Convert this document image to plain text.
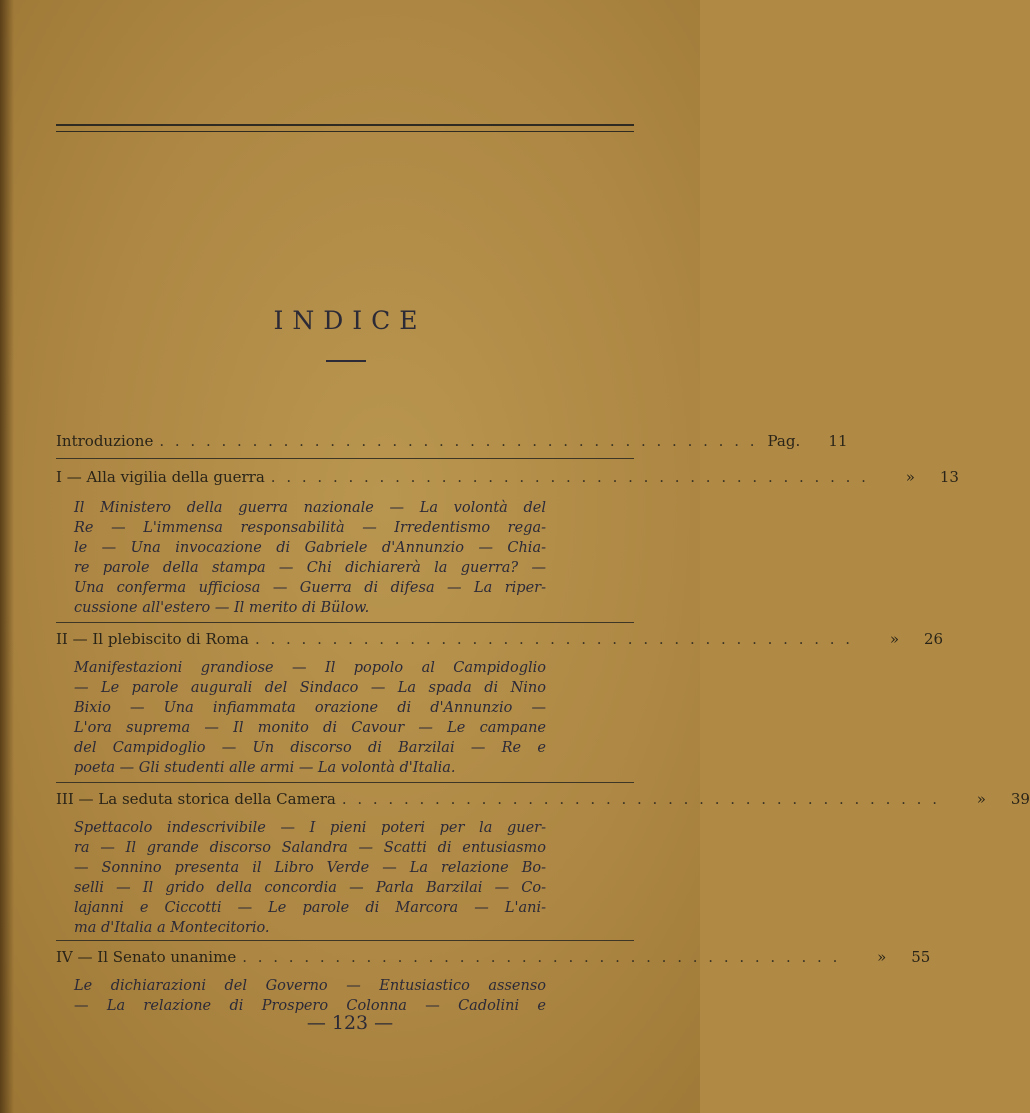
INDICE
Introduzione . . . . . . . . . . . . . . . . . . . . . . . . . . . . . . . . . . . . . . . Pag.	11
I — Alla vigilia della guerra . . . . . . . . . . . . . . . . . . . . . . . . . . . . . . . . . . . . . . .	»	13
Il Ministero della guerra nazionale — La volontà del
Re — L'immensa responsabilità — Irredentismo rega-
le — Una invocazione di Gabriele d'Annunzio — Chia-
re parole della stampa — Chi dichiarerà la guerra? —
Una conferma ufficiosa — Guerra di difesa — La riper-
cussione all'estero — Il merito di Bülow.
II — Il plebiscito di Roma . . . . . . . . . . . . . . . . . . . . . . . . . . . . . . . . . . . . . . .	»	26
Manifestazioni grandiose — Il popolo al Campidoglio
— Le parole augurali del Sindaco — La spada di Nino
Bixio — Una infiammata orazione di d'Annunzio —
L'ora suprema — Il monito di Cavour — Le campane
del Campidoglio — Un discorso di Barzilai — Re e
poeta — Gli studenti alle armi — La volontà d'Italia.
III — La seduta storica della Camera . . . . . . . . . . . . . . . . . . . . . . . . . . . . . . . . . . . . . . .	»	39
Spettacolo indescrivibile — I pieni poteri per la guer-
ra — Il grande discorso Salandra — Scatti di entusiasmo
— Sonnino presenta il Libro Verde — La relazione Bo-
selli — Il grido della concordia — Parla Barzilai — Co-
lajanni e Ciccotti — Le parole di Marcora — L'ani-
ma d'Italia a Montecitorio.
IV — Il Senato unanime . . . . . . . . . . . . . . . . . . . . . . . . . . . . . . . . . . . . . . .	»	55
Le dichiarazioni del Governo — Entusiastico assenso
— La relazione di Prospero Colonna — Cadolini e
— 123 —
